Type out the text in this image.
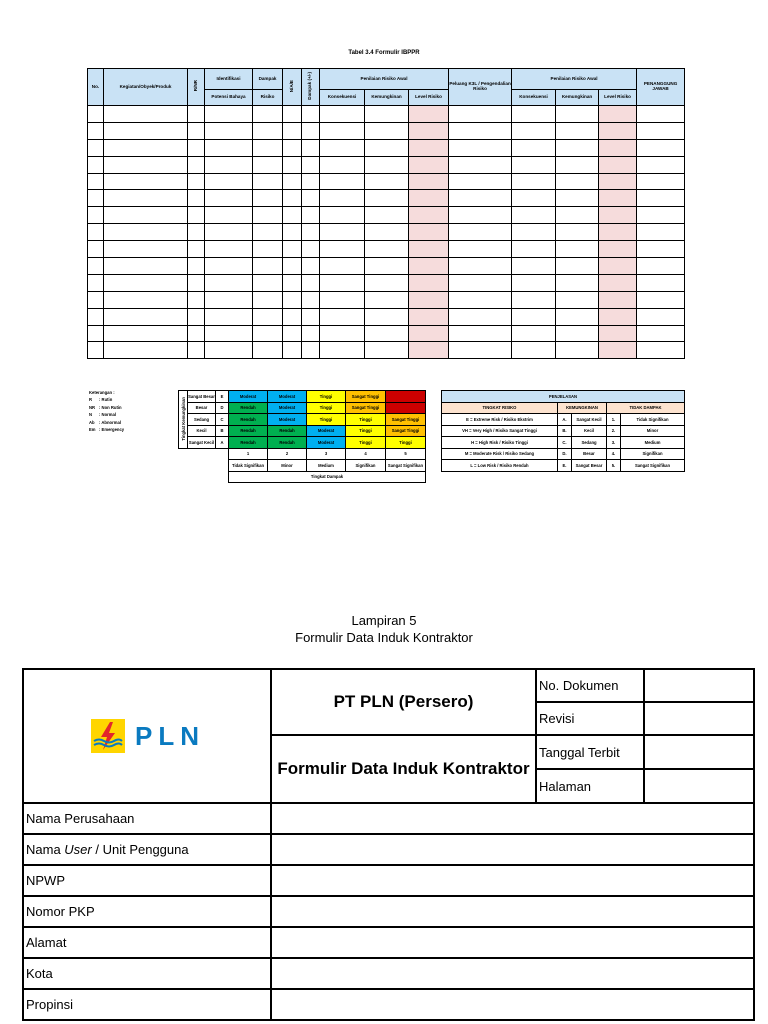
Tabel 3.4 Formulir IBPPR
No.	Kegiatan/Obyek/Produk	R/NR	Identifikasi	Dampak	N/A/E	Dampak (+/-)	Penilaian Risiko Awal			Peluang K3L / Pengendalian Risiko	Penilaian Risiko Awal			PENANGGUNG JAWAB
			Potensi Bahaya	Risiko			Konsekuensi	Kemungkinan	Level Risiko		Konsekuensi	Kemungkinan	Level Risiko	

Keterangan :
R : Rutin
NR : Non Rutin
N : Normal
Ab : Abnormal
Em : Emergency	Tingkat Kemungkinan	Sangat Besar	E	Moderat	Moderat	Tinggi	Sangat Tinggi	Ekstrim
	Besar	D	Rendah	Moderat	Tinggi	Sangat Tinggi	Ekstrim
	Sedang	C	Rendah	Moderat	Tinggi	Tinggi	Sangat Tinggi
	Kecil	B	Rendah	Rendah	Moderat	Tinggi	Sangat Tinggi
	Sangat Kecil	A	Rendah	Rendah	Moderat	Tinggi	Tinggi
			1	2	3	4	5
			Tidak Signifikan	Minor	Medium	Signifikan	Sangat Signifikan
			Tingkat Dampak				
PENJELASAN				
TINGKAT RISIKO	KEMUNGKINAN		TIDAK DAMPAK	
E = Extreme Risk / Risiko Ekstrim	A.	Sangat Kecil	1.	Tidak Signifikan
VH = Very High / Risiko Sangat Tinggi	B.	Kecil	2.	Minor
H = High Risk / Risiko Tinggi	C.	Sedang	3.	Medium
M = Moderate Risk / Risiko Sedang	D.	Besar	4.	Signifikan
L = Low Risk / Risiko Rendah	E.	Sangat Besar	5.	Sangat Signifikan
Lampiran 5
Formulir Data Induk Kontraktor
PLN	PT PLN (Persero)	No. Dokumen	
		Revisi	
	Formulir Data Induk Kontraktor	Tanggal Terbit	
		Halaman	
Nama Perusahaan			
Nama User / Unit Pengguna			
NPWP			
Nomor PKP			
Alamat			
Kota			
Propinsi			
